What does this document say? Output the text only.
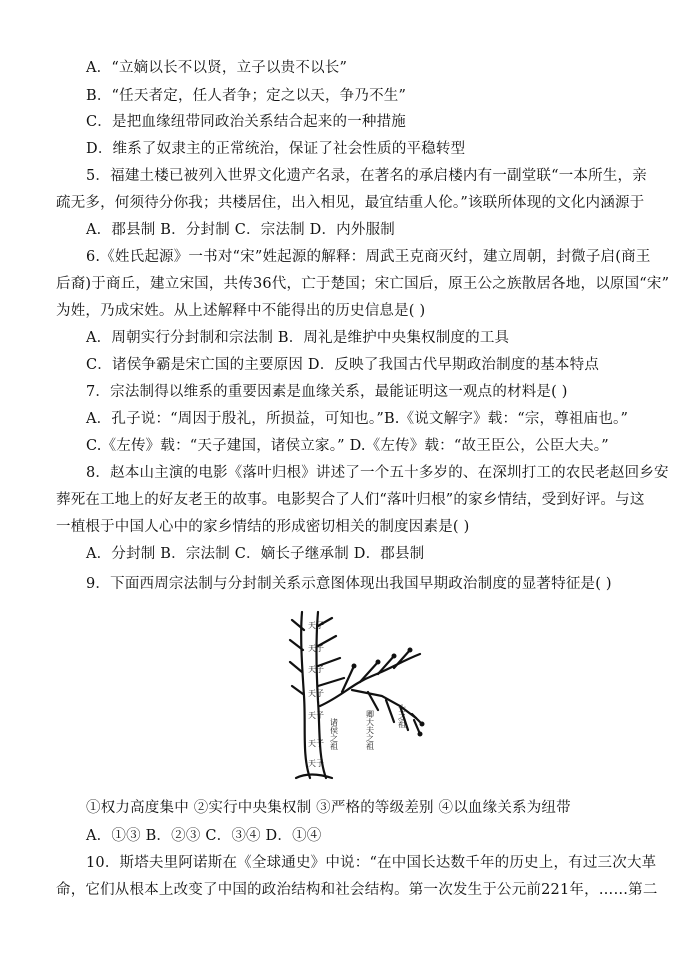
A．“立嫡以长不以贤，立子以贵不以长”
B．“任天者定，任人者争；定之以天，争乃不生”
C．是把血缘纽带同政治关系结合起来的一种措施
D．维系了奴隶主的正常统治，保证了社会性质的平稳转型
5．福建土楼已被列入世界文化遗产名录，在著名的承启楼内有一副堂联“一本所生，亲
疏无多，何须待分你我；共楼居住，出入相见，最宜结重人伦。”该联所体现的文化内涵源于
A．郡县制 B．分封制 C．宗法制 D．内外服制
6.《姓氏起源》一书对“宋”姓起源的解释：周武王克商灭纣，建立周朝，封微子启(商王
后裔)于商丘，建立宋国，共传36代，亡于楚国；宋亡国后，原王公之族散居各地，以原国“宋”
为姓，乃成宋姓。从上述解释中不能得出的历史信息是( )
A．周朝实行分封制和宗法制 B．周礼是维护中央集权制度的工具
C．诸侯争霸是宋亡国的主要原因 D．反映了我国古代早期政治制度的基本特点
7．宗法制得以维系的重要因素是血缘关系，最能证明这一观点的材料是( )
A．孔子说：“周因于殷礼，所损益，可知也。”B.《说文解字》载：“宗，尊祖庙也。”
C.《左传》载：“天子建国，诸侯立家。” D.《左传》载：“故王臣公，公臣大夫。”
8．赵本山主演的电影《落叶归根》讲述了一个五十多岁的、在深圳打工的农民老赵回乡安
葬死在工地上的好友老王的故事。电影契合了人们“落叶归根”的家乡情结，受到好评。与这
一植根于中国人心中的家乡情结的形成密切相关的制度因素是( )
A．分封制 B．宗法制 C．嫡长子继承制 D．郡县制
9．下面西周宗法制与分封制关系示意图体现出我国早期政治制度的显著特征是( )
天子
天子
天子
天子
天子
天子
天子
诸侯之祖	卿大夫之祖	士之祖
①权力高度集中 ②实行中央集权制 ③严格的等级差别 ④以血缘关系为纽带
A．①③ B．②③ C．③④ D．①④
10．斯塔夫里阿诺斯在《全球通史》中说：“在中国长达数千年的历史上，有过三次大革
命，它们从根本上改变了中国的政治结构和社会结构。第一次发生于公元前221年，……第二
